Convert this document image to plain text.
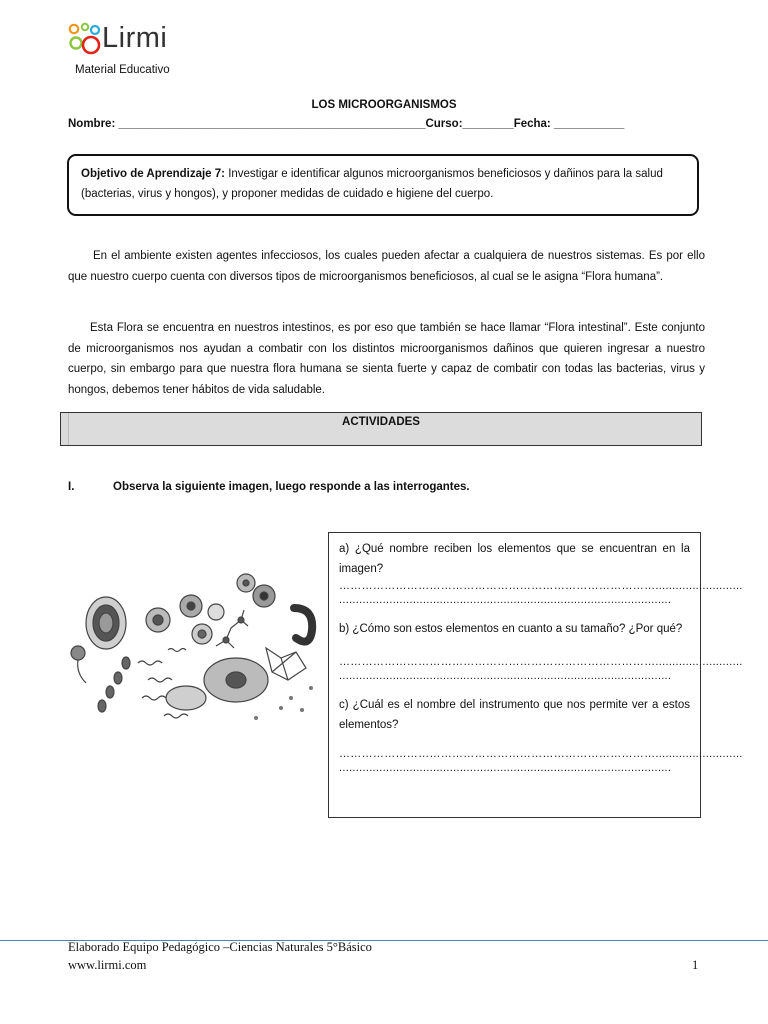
Lirmi
Material Educativo
LOS MICROORGANISMOS
Nombre: ________________________________________________Curso:________Fecha: ___________
Objetivo de Aprendizaje 7: Investigar e identificar algunos microorganismos beneficiosos y dañinos para la salud (bacterias, virus y hongos), y proponer medidas de cuidado e higiene del cuerpo.
En el ambiente existen agentes infecciosos, los cuales pueden afectar a cualquiera de nuestros sistemas. Es por ello que nuestro cuerpo cuenta con diversos tipos de microorganismos beneficiosos, al cual se le asigna “Flora humana”.
Esta Flora se encuentra en nuestros intestinos, es por eso que también se hace llamar “Flora intestinal”. Este conjunto de microorganismos nos ayudan a combatir con los distintos microorganismos dañinos que quieren ingresar a nuestro cuerpo, sin embargo para que nuestra flora humana se sienta fuerte y capaz de combatir con todas las bacterias, virus y hongos, debemos tener hábitos de vida saludable.
ACTIVIDADES
I.	Observa la siguiente imagen, luego responde a las interrogantes.
a) ¿Qué nombre reciben los elementos que se encuentran en la imagen?
…………………………………………………………………………..........................
...................................................................................................
b) ¿Cómo son estos elementos en cuanto a su tamaño? ¿Por qué?
…………………………………………………………………………..........................
...................................................................................................
c) ¿Cuál es el nombre del instrumento que nos permite ver a estos elementos?
…………………………………………………………………………..........................
...................................................................................................
Elaborado Equipo Pedagógico –Ciencias Naturales 5°Básico
www.lirmi.com	1
